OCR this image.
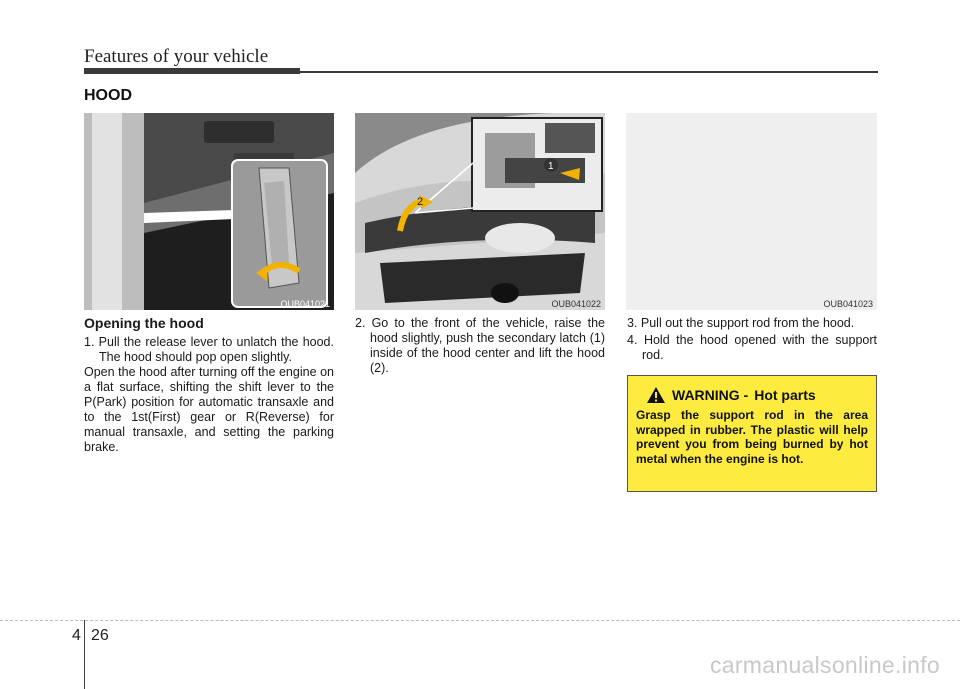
Features of your vehicle
HOOD
OUB041021
1
2
OUB041022	OUB041023

Opening the hood

1. Pull the release lever to unlatch the hood. The hood should pop open slightly.

Open the hood after turning off the engine on a flat surface, shifting the shift lever to the P(Park) position for automatic transaxle and to the 1st(First) gear or R(Reverse) for manual transaxle, and setting the parking brake.

2. Go to the front of the vehicle, raise the hood slightly, push the secondary latch (1) inside of the hood center and lift the hood (2).

3. Pull out the support rod from the hood.

4. Hold the hood opened with the support rod.

WARNING - Hot parts

Grasp the support rod in the area wrapped in rubber. The plastic will help prevent you from being burned by hot metal when the engine is hot.

4 26
carmanualsonline.info
